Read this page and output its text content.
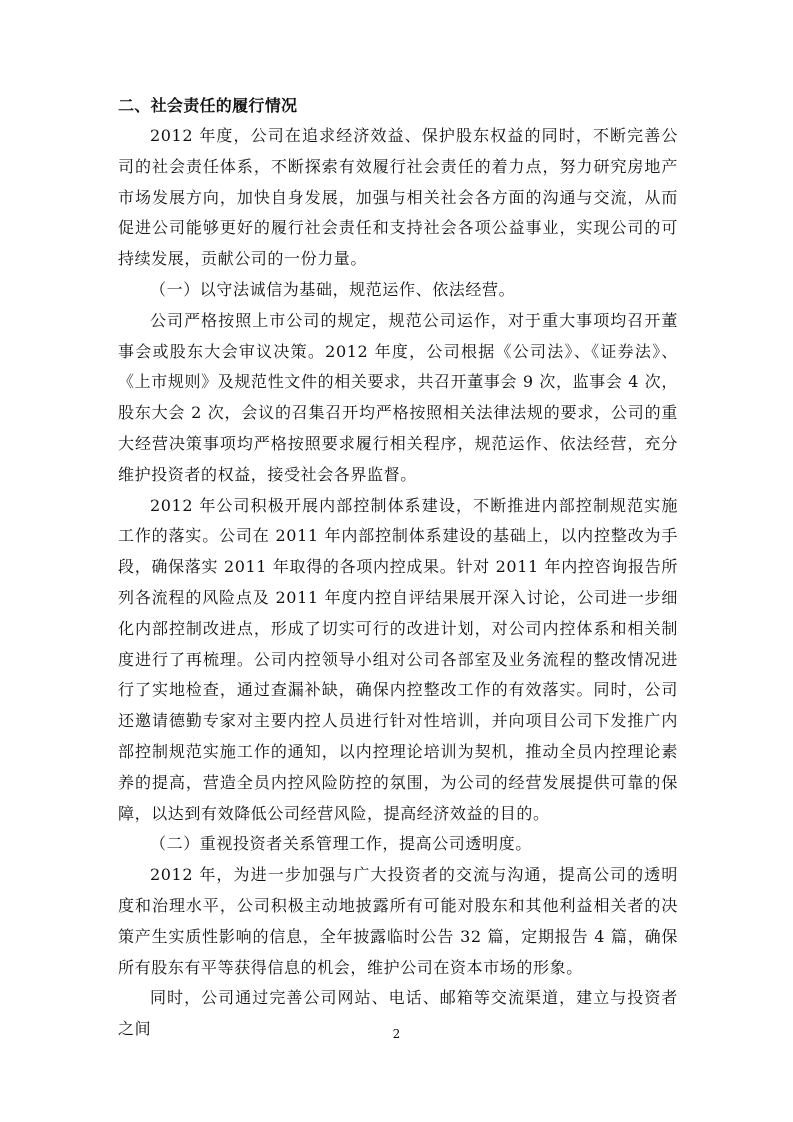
二、社会责任的履行情况

2012 年度，公司在追求经济效益、保护股东权益的同时，不断完善公司的社会责任体系，不断探索有效履行社会责任的着力点，努力研究房地产市场发展方向，加快自身发展，加强与相关社会各方面的沟通与交流，从而促进公司能够更好的履行社会责任和支持社会各项公益事业，实现公司的可持续发展，贡献公司的一份力量。

（一）以守法诚信为基础，规范运作、依法经营。

公司严格按照上市公司的规定，规范公司运作，对于重大事项均召开董事会或股东大会审议决策。2012 年度，公司根据《公司法》、《证券法》、《上市规则》及规范性文件的相关要求，共召开董事会 9 次，监事会 4 次，股东大会 2 次，会议的召集召开均严格按照相关法律法规的要求，公司的重大经营决策事项均严格按照要求履行相关程序，规范运作、依法经营，充分维护投资者的权益，接受社会各界监督。

2012 年公司积极开展内部控制体系建设，不断推进内部控制规范实施工作的落实。公司在 2011 年内部控制体系建设的基础上，以内控整改为手段，确保落实 2011 年取得的各项内控成果。针对 2011 年内控咨询报告所列各流程的风险点及 2011 年度内控自评结果展开深入讨论，公司进一步细化内部控制改进点，形成了切实可行的改进计划，对公司内控体系和相关制度进行了再梳理。公司内控领导小组对公司各部室及业务流程的整改情况进行了实地检查，通过查漏补缺，确保内控整改工作的有效落实。同时，公司还邀请德勤专家对主要内控人员进行针对性培训，并向项目公司下发推广内部控制规范实施工作的通知，以内控理论培训为契机，推动全员内控理论素养的提高，营造全员内控风险防控的氛围，为公司的经营发展提供可靠的保障，以达到有效降低公司经营风险，提高经济效益的目的。

（二）重视投资者关系管理工作，提高公司透明度。

2012 年，为进一步加强与广大投资者的交流与沟通，提高公司的透明度和治理水平，公司积极主动地披露所有可能对股东和其他利益相关者的决策产生实质性影响的信息，全年披露临时公告 32 篇，定期报告 4 篇，确保所有股东有平等获得信息的机会，维护公司在资本市场的形象。

同时，公司通过完善公司网站、电话、邮箱等交流渠道，建立与投资者之间	2
